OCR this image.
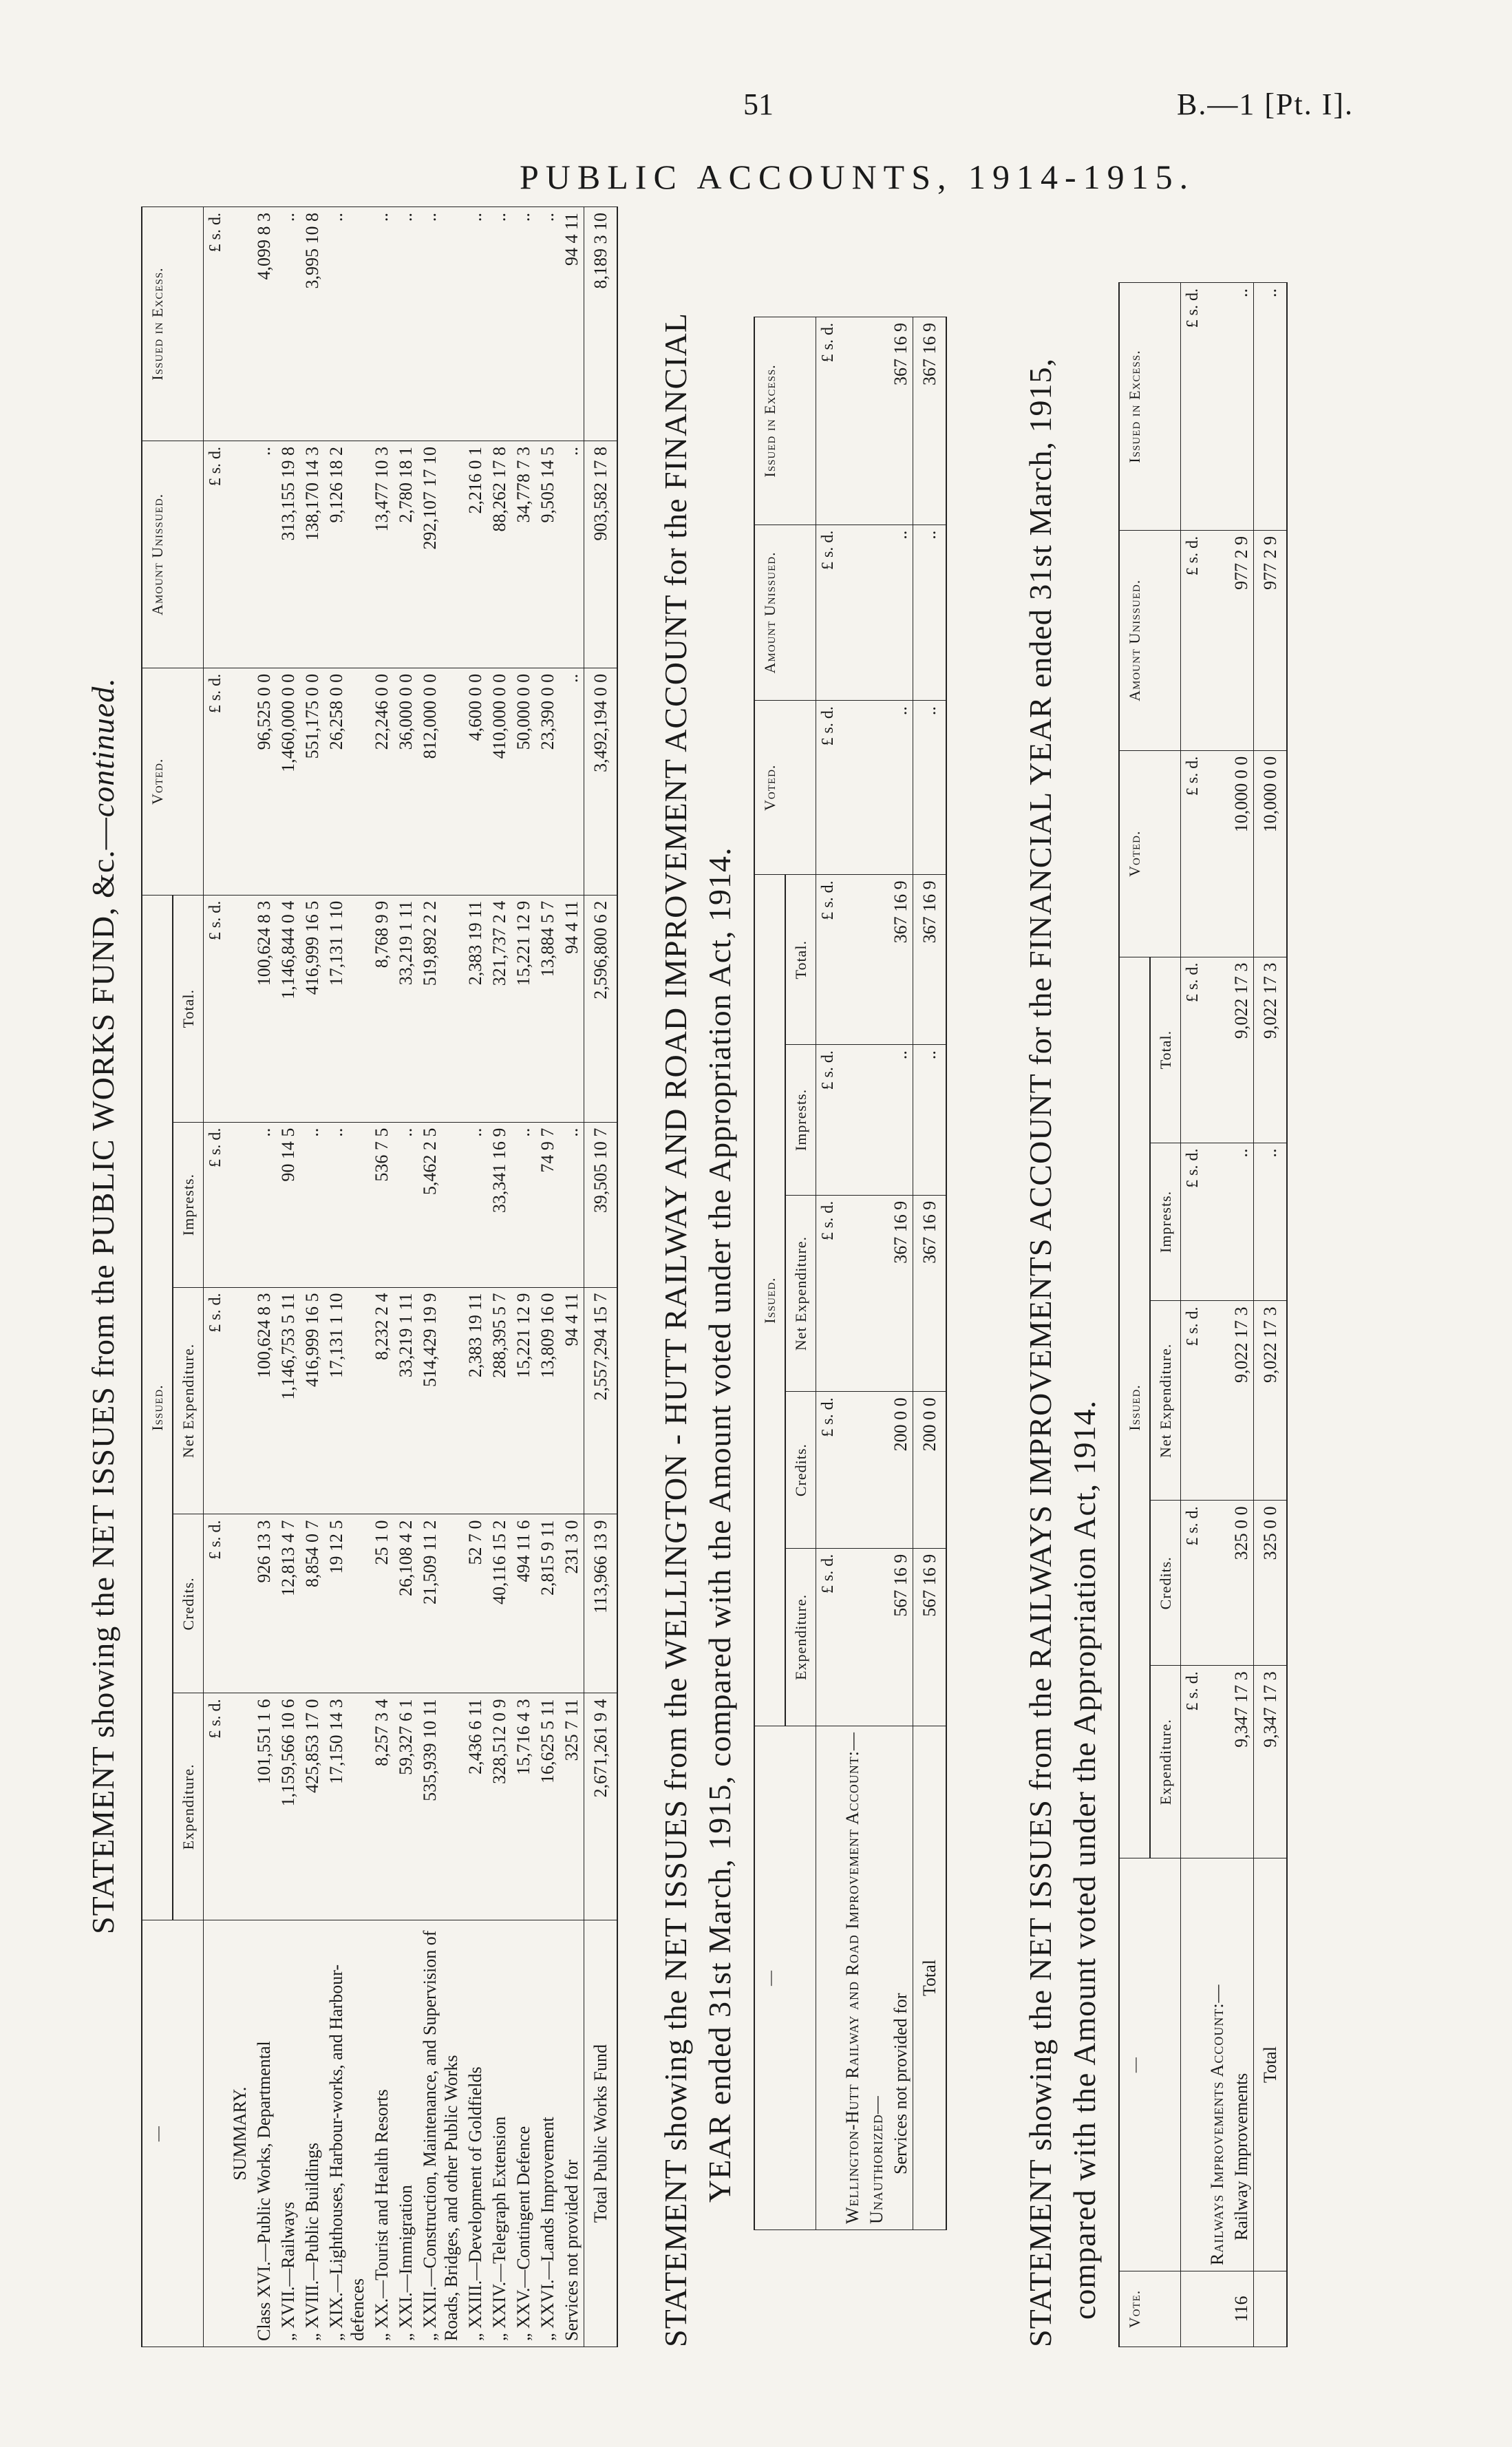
51	B.—1 [Pt. I].
PUBLIC ACCOUNTS, 1914-1915.
STATEMENT showing the NET ISSUES from the PUBLIC WORKS FUND, &c.—continued.
—	Issued.					Voted.	Amount Unissued.	Issued in Excess.
	Expenditure.	Credits.	Net Expenditure.	Imprests.	Total.			
	£ s. d.	£ s. d.	£ s. d.	£ s. d.	£ s. d.	£ s. d.	£ s. d.	£ s. d.
SUMMARY.								
Class XVI.—Public Works, Departmental	101,551 1 6	926 13 3	100,624 8 3	..	100,624 8 3	96,525 0 0	..	4,099 8 3
„ XVII.—Railways	1,159,566 10 6	12,813 4 7	1,146,753 5 11	90 14 5	1,146,844 0 4	1,460,000 0 0	313,155 19 8	..
„ XVIII.—Public Buildings	425,853 17 0	8,854 0 7	416,999 16 5	..	416,999 16 5	551,175 0 0	138,170 14 3	3,995 10 8
„ XIX.—Lighthouses, Harbour-works, and Harbour-defences	17,150 14 3	19 12 5	17,131 1 10	..	17,131 1 10	26,258 0 0	9,126 18 2	..
„ XX.—Tourist and Health Resorts	8,257 3 4	25 1 0	8,232 2 4	536 7 5	8,768 9 9	22,246 0 0	13,477 10 3	..
„ XXI.—Immigration	59,327 6 1	26,108 4 2	33,219 1 11	..	33,219 1 11	36,000 0 0	2,780 18 1	..
„ XXII.—Construction, Maintenance, and Supervision of Roads, Bridges, and other Public Works	535,939 10 11	21,509 11 2	514,429 19 9	5,462 2 5	519,892 2 2	812,000 0 0	292,107 17 10	..
„ XXIII.—Development of Goldfields	2,436 6 11	52 7 0	2,383 19 11	..	2,383 19 11	4,600 0 0	2,216 0 1	..
„ XXIV.—Telegraph Extension	328,512 0 9	40,116 15 2	288,395 5 7	33,341 16 9	321,737 2 4	410,000 0 0	88,262 17 8	..
„ XXV.—Contingent Defence	15,716 4 3	494 11 6	15,221 12 9	..	15,221 12 9	50,000 0 0	34,778 7 3	..
„ XXVI.—Lands Improvement	16,625 5 11	2,815 9 11	13,809 16 0	74 9 7	13,884 5 7	23,390 0 0	9,505 14 5	..
Services not provided for	325 7 11	231 3 0	94 4 11	..	94 4 11	..	..	94 4 11
Total Public Works Fund	2,671,261 9 4	113,966 13 9	2,557,294 15 7	39,505 10 7	2,596,800 6 2	3,492,194 0 0	903,582 17 8	8,189 3 10
STATEMENT showing the NET ISSUES from the WELLINGTON - HUTT RAILWAY AND ROAD IMPROVEMENT ACCOUNT for the FINANCIAL YEAR ended 31st March, 1915, compared with the Amount voted under the Appropriation Act, 1914.	—	Issued.					Voted.	Amount Unissued.	Issued in Excess.
	Expenditure.	Credits.	Net Expenditure.	Imprests.	Total.			
	£ s. d.	£ s. d.	£ s. d.	£ s. d.	£ s. d.	£ s. d.	£ s. d.	£ s. d.
Wellington-Hutt Railway and Road Improvement Account:—								
Unauthorized—								
Services not provided for	567 16 9	200 0 0	367 16 9	..	367 16 9	..	..	367 16 9
Total	567 16 9	200 0 0	367 16 9	..	367 16 9	..	..	367 16 9
STATEMENT showing the NET ISSUES from the RAILWAYS IMPROVEMENTS ACCOUNT for the FINANCIAL YEAR ended 31st March, 1915, compared with the Amount voted under the Appropriation Act, 1914.	Vote.	—	Issued.					Voted.	Amount Unissued.	Issued in Excess.
		Expenditure.	Credits.	Net Expenditure.	Imprests.	Total.			
		£ s. d.	£ s. d.	£ s. d.	£ s. d.	£ s. d.	£ s. d.	£ s. d.	£ s. d.
	Railways Improvements Account:—								
116	Railway Improvements	9,347 17 3	325 0 0	9,022 17 3	..	9,022 17 3	10,000 0 0	977 2 9	..
	Total	9,347 17 3	325 0 0	9,022 17 3	..	9,022 17 3	10,000 0 0	977 2 9	..
